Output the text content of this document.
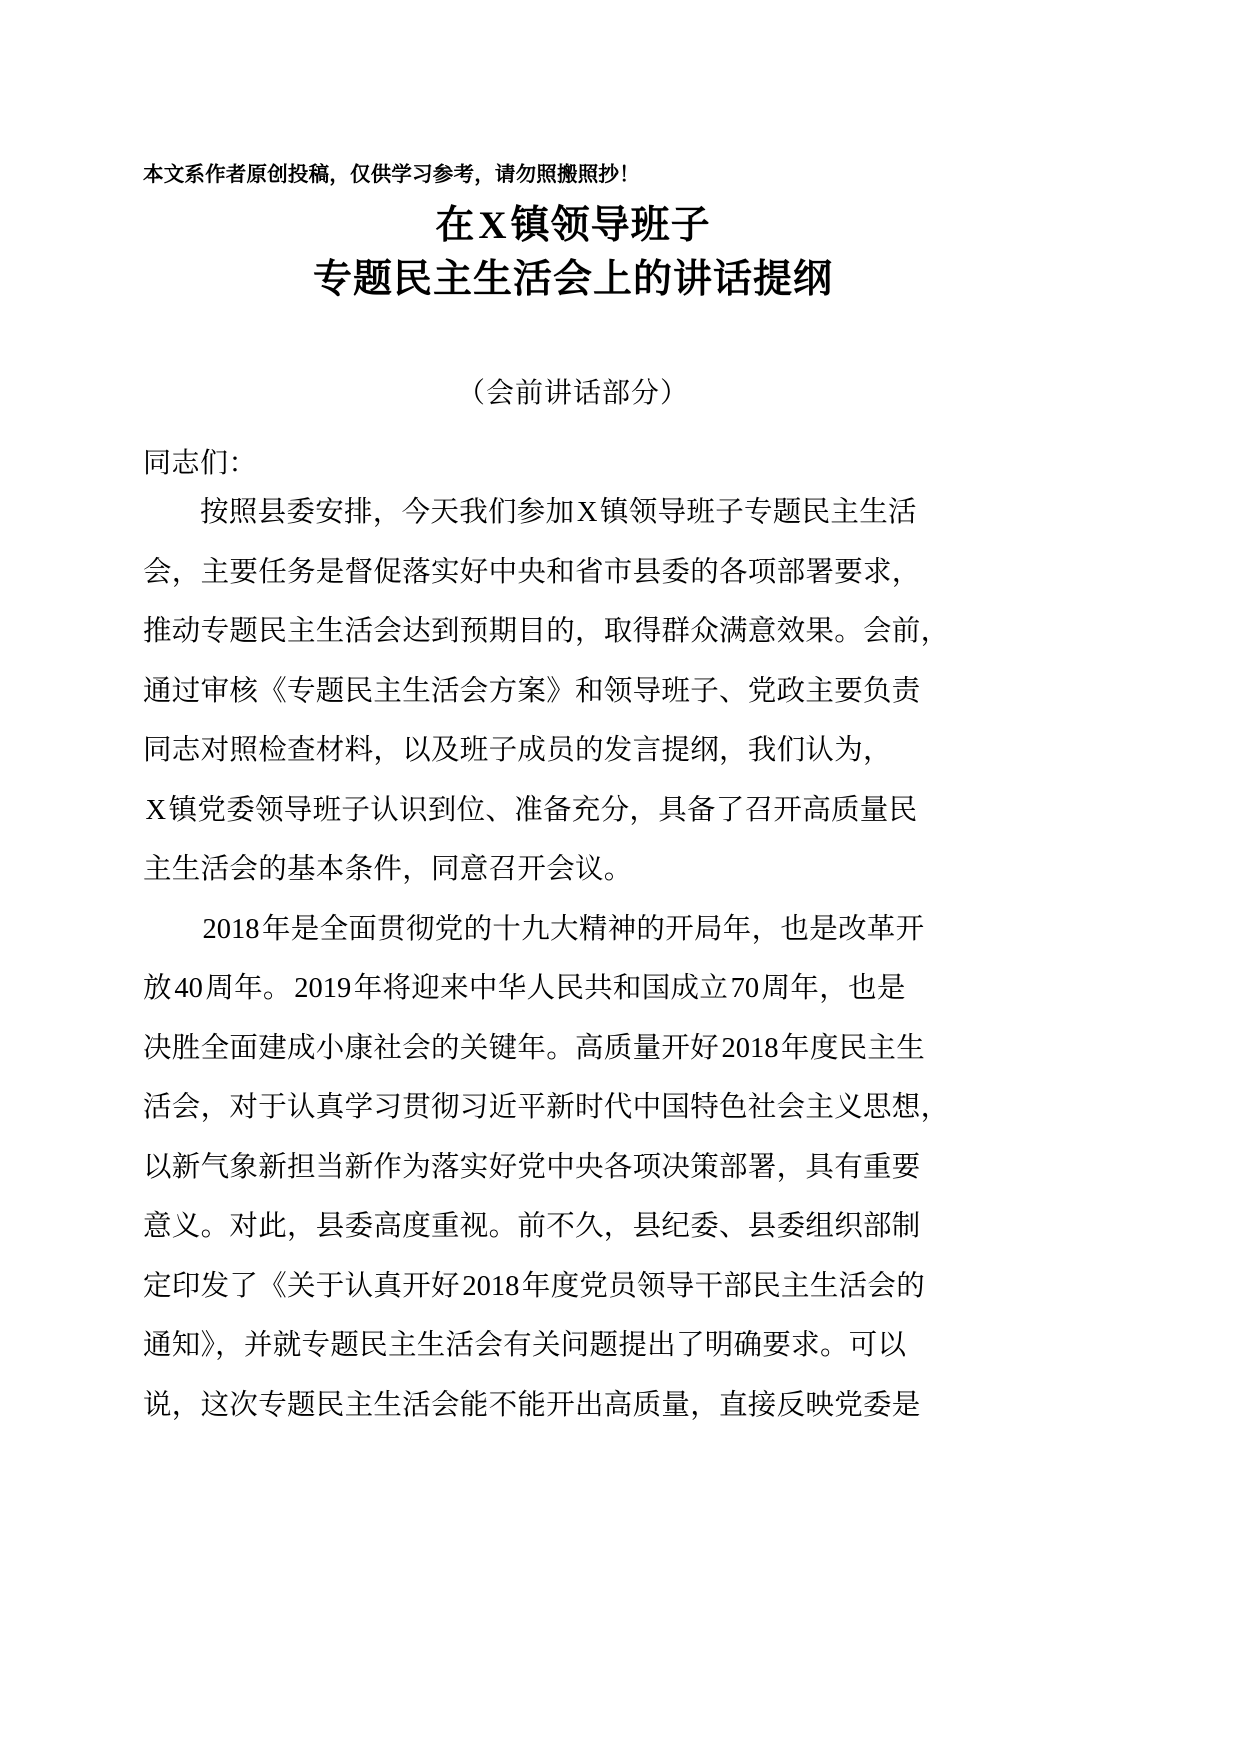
本文系作者原创投稿，仅供学习参考，请勿照搬照抄！

在X镇领导班子
专题民主生活会上的讲话提纲

（会前讲话部分）

同志们：

按照县委安排，今天我们参加X镇领导班子专题民主生活
会，主要任务是督促落实好中央和省市县委的各项部署要求，
推动专题民主生活会达到预期目的，取得群众满意效果。会前，
通过审核《专题民主生活会方案》和领导班子、党政主要负责
同志对照检查材料，以及班子成员的发言提纲，我们认为，
X镇党委领导班子认识到位、准备充分，具备了召开高质量民
主生活会的基本条件，同意召开会议。
2018年是全面贯彻党的十九大精神的开局年，也是改革开
放40周年。2019年将迎来中华人民共和国成立70周年，也是
决胜全面建成小康社会的关键年。高质量开好2018年度民主生
活会，对于认真学习贯彻习近平新时代中国特色社会主义思想，
以新气象新担当新作为落实好党中央各项决策部署，具有重要
意义。对此，县委高度重视。前不久，县纪委、县委组织部制
定印发了《关于认真开好2018年度党员领导干部民主生活会的
通知》，并就专题民主生活会有关问题提出了明确要求。可以
说，这次专题民主生活会能不能开出高质量，直接反映党委是
